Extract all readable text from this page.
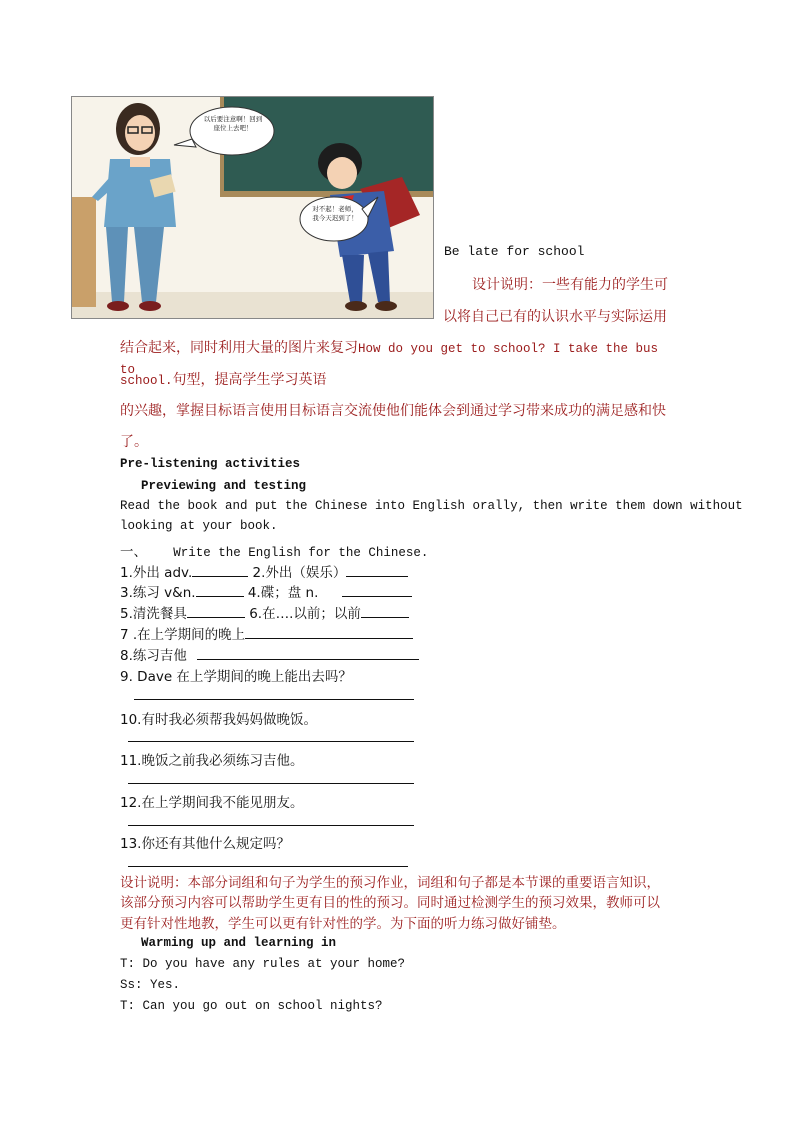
以后要注意啊！回到座位上去吧！
对不起！老师，我今天迟到了！
Be late for school
设计说明：一些有能力的学生可
以将自己已有的认识水平与实际运用
结合起来，同时利用大量的图片来复习How do you get to school? I take the bus to
school.句型，提高学生学习英语
的兴趣，掌握目标语言使用目标语言交流使他们能体会到通过学习带来成功的满足感和快
了。
Pre-listening activities
Previewing and testing
Read the book and put the Chinese into English orally, then write them down without
looking at your book.
一、 Write the English for the Chinese.
1.外出 adv.	2.外出（娱乐）
3.练习 v&n.	4.碟；盘 n.
5.清洗餐具	6.在….以前；以前
7 .在上学期间的晚上
8.练习吉他
9. Dave 在上学期间的晚上能出去吗？
10.有时我必须帮我妈妈做晚饭。
11.晚饭之前我必须练习吉他。
12.在上学期间我不能见朋友。
13.你还有其他什么规定吗？
设计说明：本部分词组和句子为学生的预习作业，词组和句子都是本节课的重要语言知识，
该部分预习内容可以帮助学生更有目的性的预习。同时通过检测学生的预习效果，教师可以
更有针对性地教，学生可以更有针对性的学。为下面的听力练习做好铺垫。
Warming up and learning in
T: Do you have any rules at your home?
Ss: Yes.
T: Can you go out on school nights?
